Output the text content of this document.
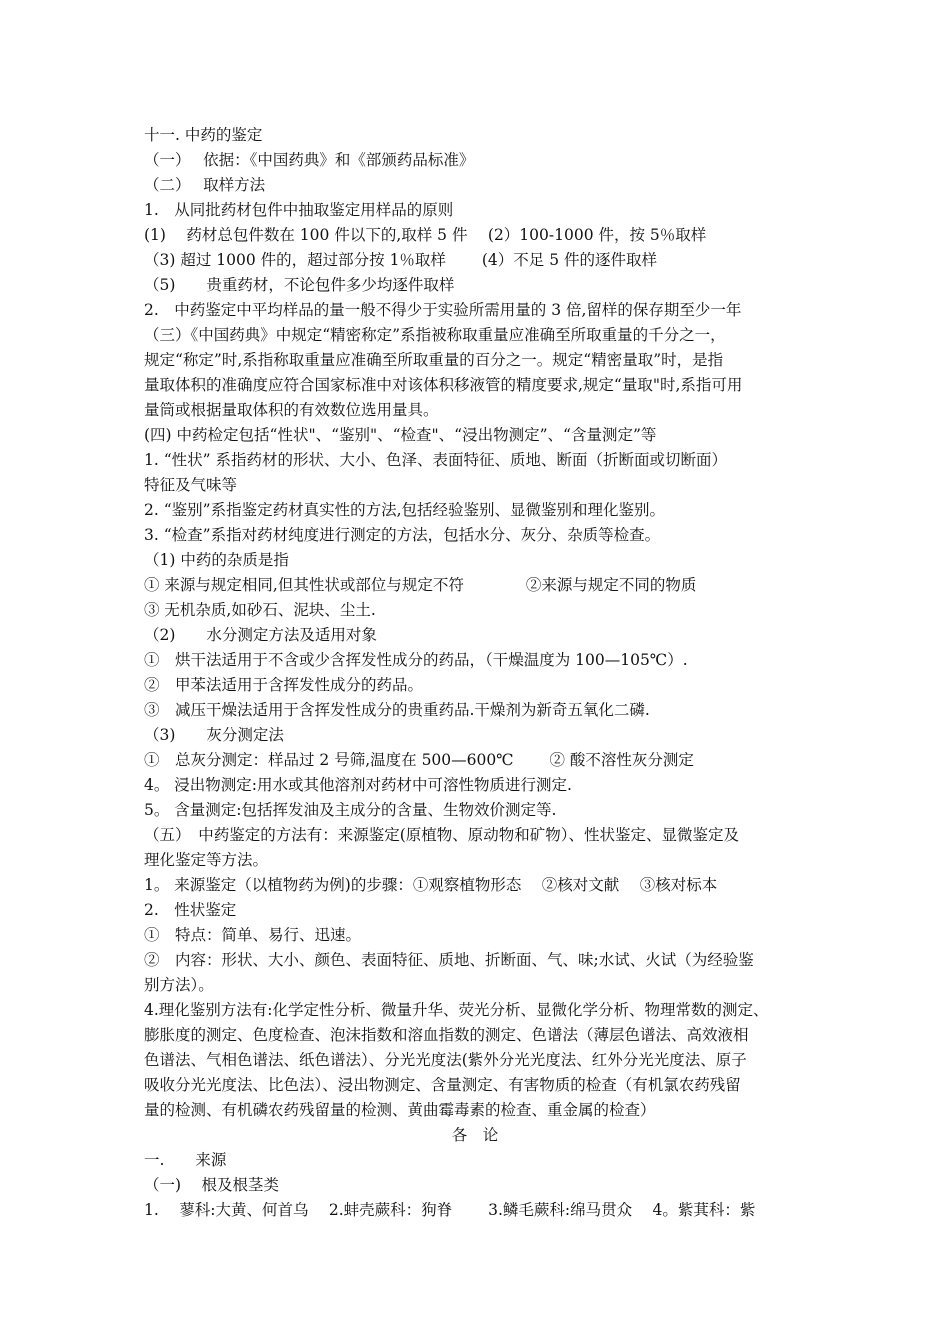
十一. 中药的鉴定
（一）　 依据：《中国药典》和《部颁药品标准》
（二）　 取样方法
1.　从同批药材包件中抽取鉴定用样品的原则
(1)　 药材总包件数在 100 件以下的,取样 5 件　 (2）100-1000 件，按 5％取样
（3) 超过 1000 件的，超过部分按 1％取样　　 (4）不足 5 件的逐件取样
（5)　　贵重药材，不论包件多少均逐件取样
2.　中药鉴定中平均样品的量一般不得少于实验所需用量的 3 倍,留样的保存期至少一年
（三）《中国药典》中规定“精密称定”系指被称取重量应准确至所取重量的千分之一，
规定“称定”时,系指称取重量应准确至所取重量的百分之一。规定“精密量取”时，是指
量取体积的准确度应符合国家标准中对该体积移液管的精度要求,规定“量取"时,系指可用
量筒或根据量取体积的有效数位选用量具。
(四) 中药检定包括“性状"、“鉴别"、“检查"、“浸出物测定”、“含量测定”等
1. “性状” 系指药材的形状、大小、色泽、表面特征、质地、断面（折断面或切断面）
特征及气味等
2. “鉴别”系指鉴定药材真实性的方法,包括经验鉴别、显微鉴别和理化鉴别。
3. “检查”系指对药材纯度进行测定的方法，包括水分、灰分、杂质等检查。
（1) 中药的杂质是指
① 来源与规定相同,但其性状或部位与规定不符　　　　②来源与规定不同的物质
③ 无机杂质,如砂石、泥块、尘土.
（2)　　水分测定方法及适用对象
①　烘干法适用于不含或少含挥发性成分的药品，（干燥温度为 100—105℃）.
②　甲苯法适用于含挥发性成分的药品。
③　减压干燥法适用于含挥发性成分的贵重药品.干燥剂为新奇五氧化二磷.
（3)　　灰分测定法
①　总灰分测定：样品过 2 号筛,温度在 500—600℃　　 ② 酸不溶性灰分测定
4。 浸出物测定:用水或其他溶剂对药材中可溶性物质进行测定.
5。 含量测定:包括挥发油及主成分的含量、生物效价测定等.
（五）　中药鉴定的方法有：来源鉴定(原植物、原动物和矿物）、性状鉴定、显微鉴定及
理化鉴定等方法。
1。 来源鉴定（以植物药为例)的步骤：①观察植物形态　 ②核对文献　 ③核对标本
2.　性状鉴定
①　特点：简单、易行、迅速。
②　内容：形状、大小、颜色、表面特征、质地、折断面、气、味;水试、火试（为经验鉴
别方法）。
4.理化鉴别方法有:化学定性分析、微量升华、荧光分析、显微化学分析、物理常数的测定、
膨胀度的测定、色度检查、泡沫指数和溶血指数的测定、色谱法（薄层色谱法、高效液相
色谱法、气相色谱法、纸色谱法）、分光光度法(紫外分光光度法、红外分光光度法、原子
吸收分光光度法、比色法）、浸出物测定、含量测定、有害物质的检查（有机氯农药残留
量的检测、有机磷农药残留量的检测、黄曲霉毒素的检查、重金属的检查）
各　论
一.　　来源
（一)　 根及根茎类
1.　 蓼科:大黄、何首乌　 2.蚌壳蕨科：狗脊　　 3.鳞毛蕨科:绵马贯众　 4。紫萁科：紫
